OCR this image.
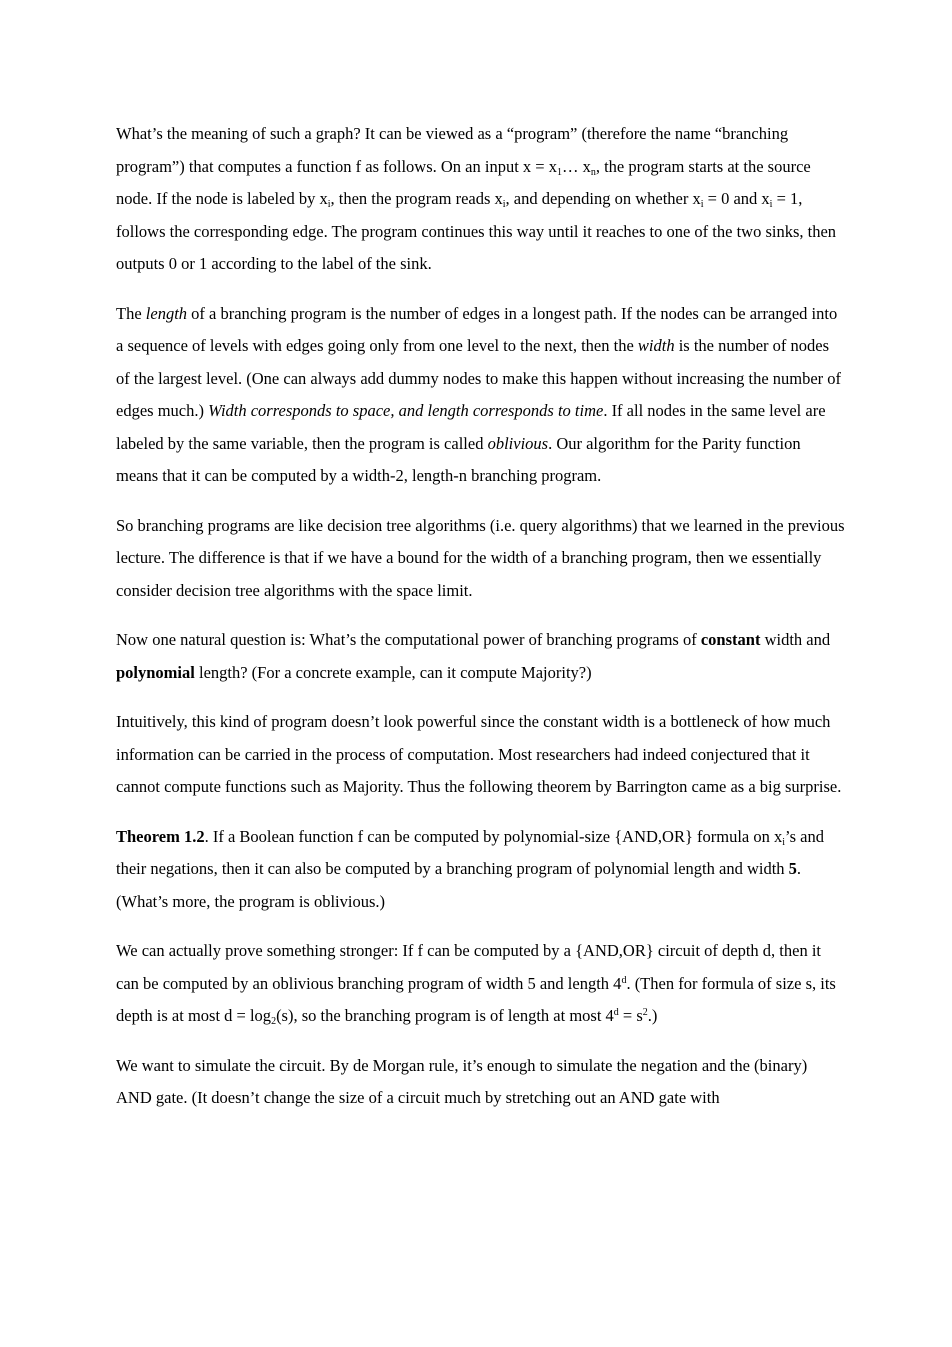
What’s the meaning of such a graph? It can be viewed as a “program” (therefore the name “branching program”) that computes a function f as follows. On an input $x = x_1\dots$ $x_n$, the program starts at the source node. If the node is labeled by $x_i$, then the program reads $x_i$, and depending on whether $x_i = 0$ and $x_i = 1$, follows the corresponding edge. The program continues this way until it reaches to one of the two sinks, then outputs 0 or 1 according to the label of the sink.

The length of a branching program is the number of edges in a longest path. If the nodes can be arranged into a sequence of levels with edges going only from one level to the next, then the width is the number of nodes of the largest level. (One can always add dummy nodes to make this happen without increasing the number of edges much.) Width corresponds to space, and length corresponds to time. If all nodes in the same level are labeled by the same variable, then the program is called oblivious. Our algorithm for the Parity function means that it can be computed by a width-2, length-n branching program.

So branching programs are like decision tree algorithms (i.e. query algorithms) that we learned in the previous lecture. The difference is that if we have a bound for the width of a branching program, then we essentially consider decision tree algorithms with the space limit.

Now one natural question is: What’s the computational power of branching programs of constant width and polynomial length? (For a concrete example, can it compute Majority?)

Intuitively, this kind of program doesn’t look powerful since the constant width is a bottleneck of how much information can be carried in the process of computation. Most researchers had indeed conjectured that it cannot compute functions such as Majority. Thus the following theorem by Barrington came as a big surprise.

Theorem 1.2. If a Boolean function f can be computed by polynomial-size {AND,OR} formula on $x_i’s$ and their negations, then it can also be computed by a branching program of polynomial length and width 5. (What’s more, the program is oblivious.)

We can actually prove something stronger: If f can be computed by a {AND,OR} circuit of depth d, then it can be computed by an oblivious branching program of width 5 and length 4$^d$. (Then for formula of size s, its depth is at most $d = \log_2(s)$, so the branching program is of length at most $4^d = s^2$.)

We want to simulate the circuit. By de Morgan rule, it’s enough to simulate the negation and the (binary) AND gate. (It doesn’t change the size of a circuit much by stretching out an AND gate with
